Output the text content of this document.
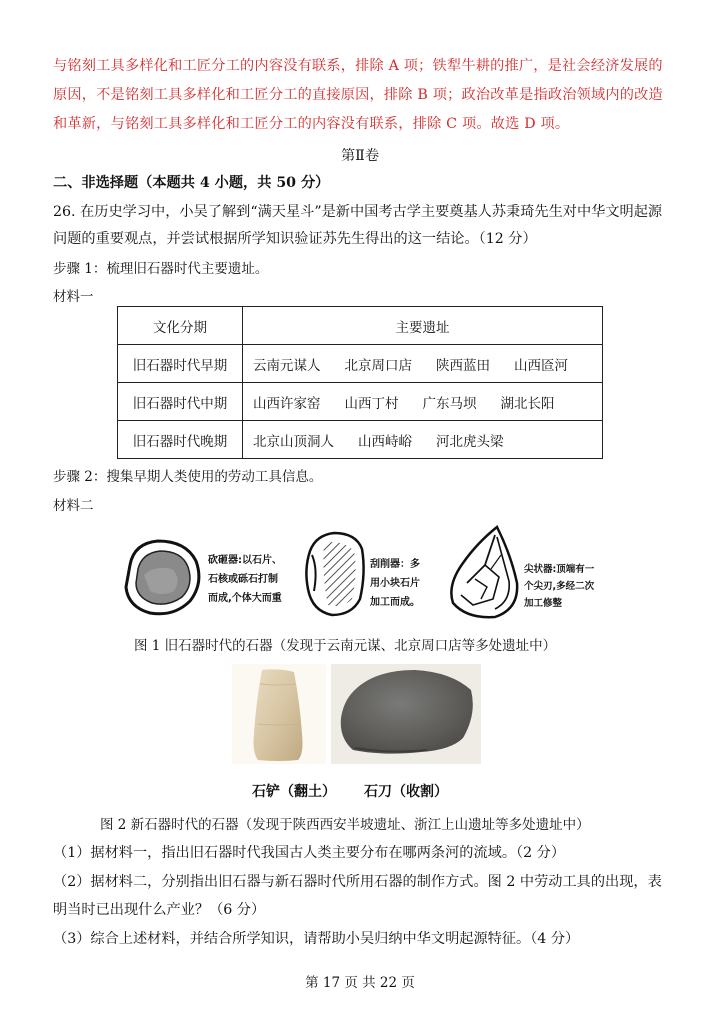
与铭刻工具多样化和工匠分工的内容没有联系，排除 A 项；铁犁牛耕的推广，是社会经济发展的
原因，不是铭刻工具多样化和工匠分工的直接原因，排除 B 项；政治改革是指政治领域内的改造
和革新，与铭刻工具多样化和工匠分工的内容没有联系，排除 C 项。故选 D 项。
第Ⅱ卷
二、非选择题（本题共 4 小题，共 50 分）
26. 在历史学习中，小吴了解到“满天星斗”是新中国考古学主要奠基人苏秉琦先生对中华文明起源
问题的重要观点，并尝试根据所学知识验证苏先生得出的这一结论。（12 分）
步骤 1：梳理旧石器时代主要遗址。
材料一
文化分期	主要遗址
旧石器时代早期	云南元谋人 北京周口店 陕西蓝田 山西匼河
旧石器时代中期	山西许家窑 山西丁村 广东马坝 湖北长阳
旧石器时代晚期	北京山顶洞人 山西峙峪 河北虎头梁
步骤 2：搜集早期人类使用的劳动工具信息。
材料二
砍砸器:以石片、
石核或砾石打制
而成,个体大而重
刮削器：多
用小块石片
加工而成。
尖状器:顶端有一
个尖刃,多经二次
加工修整
图 1 旧石器时代的石器（发现于云南元谋、北京周口店等多处遗址中）
石铲（翻土） 石刀（收割）
图 2 新石器时代的石器（发现于陕西西安半坡遗址、浙江上山遗址等多处遗址中）
（1）据材料一，指出旧石器时代我国古人类主要分布在哪两条河的流域。（2 分）
（2）据材料二，分别指出旧石器与新石器时代所用石器的制作方式。图 2 中劳动工具的出现，表
明当时已出现什么产业？（6 分）
（3）综合上述材料，并结合所学知识，请帮助小吴归纳中华文明起源特征。（4 分）
第 17 页 共 22 页
